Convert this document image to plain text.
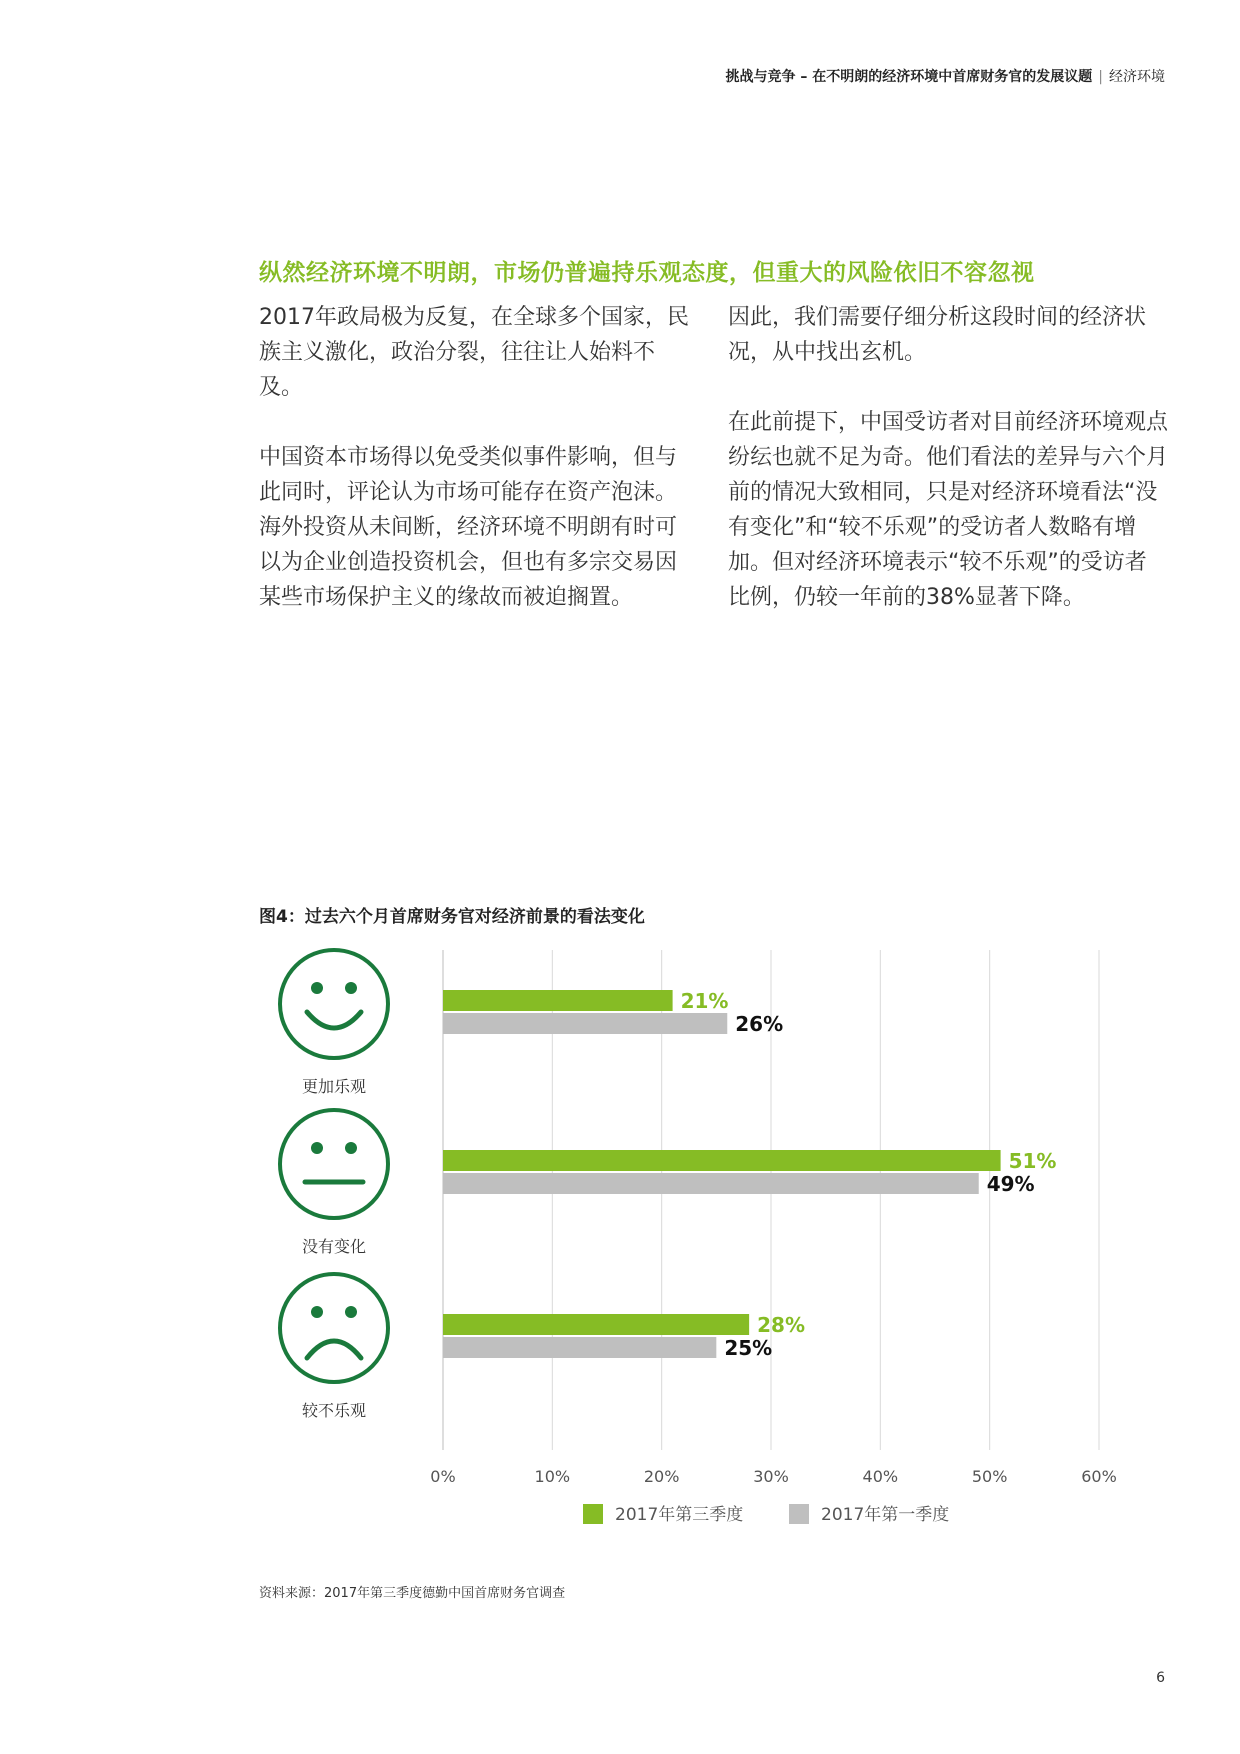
挑战与竞争 – 在不明朗的经济环境中首席财务官的发展议题 | 经济环境
纵然经济环境不明朗，市场仍普遍持乐观态度，但重大的风险依旧不容忽视

2017年政局极为反复，在全球多个国家，民族主义激化，政治分裂，往往让人始料不及。

中国资本市场得以免受类似事件影响，但与此同时，评论认为市场可能存在资产泡沫。海外投资从未间断，经济环境不明朗有时可以为企业创造投资机会，但也有多宗交易因某些市场保护主义的缘故而被迫搁置。

因此，我们需要仔细分析这段时间的经济状况，从中找出玄机。

在此前提下，中国受访者对目前经济环境观点纷纭也就不足为奇。他们看法的差异与六个月前的情况大致相同，只是对经济环境看法“没有变化”和“较不乐观”的受访者人数略有增加。但对经济环境表示“较不乐观”的受访者比例，仍较一年前的38%显著下降。

图4：过去六个月首席财务官对经济前景的看法变化
0%	10%	20%	30%	40%	50%	60%
更加乐观
21%
26%
没有变化
51%
49%
较不乐观
28%
25%
2017年第三季度	2017年第一季度
资料来源：2017年第三季度德勤中国首席财务官调查
6
